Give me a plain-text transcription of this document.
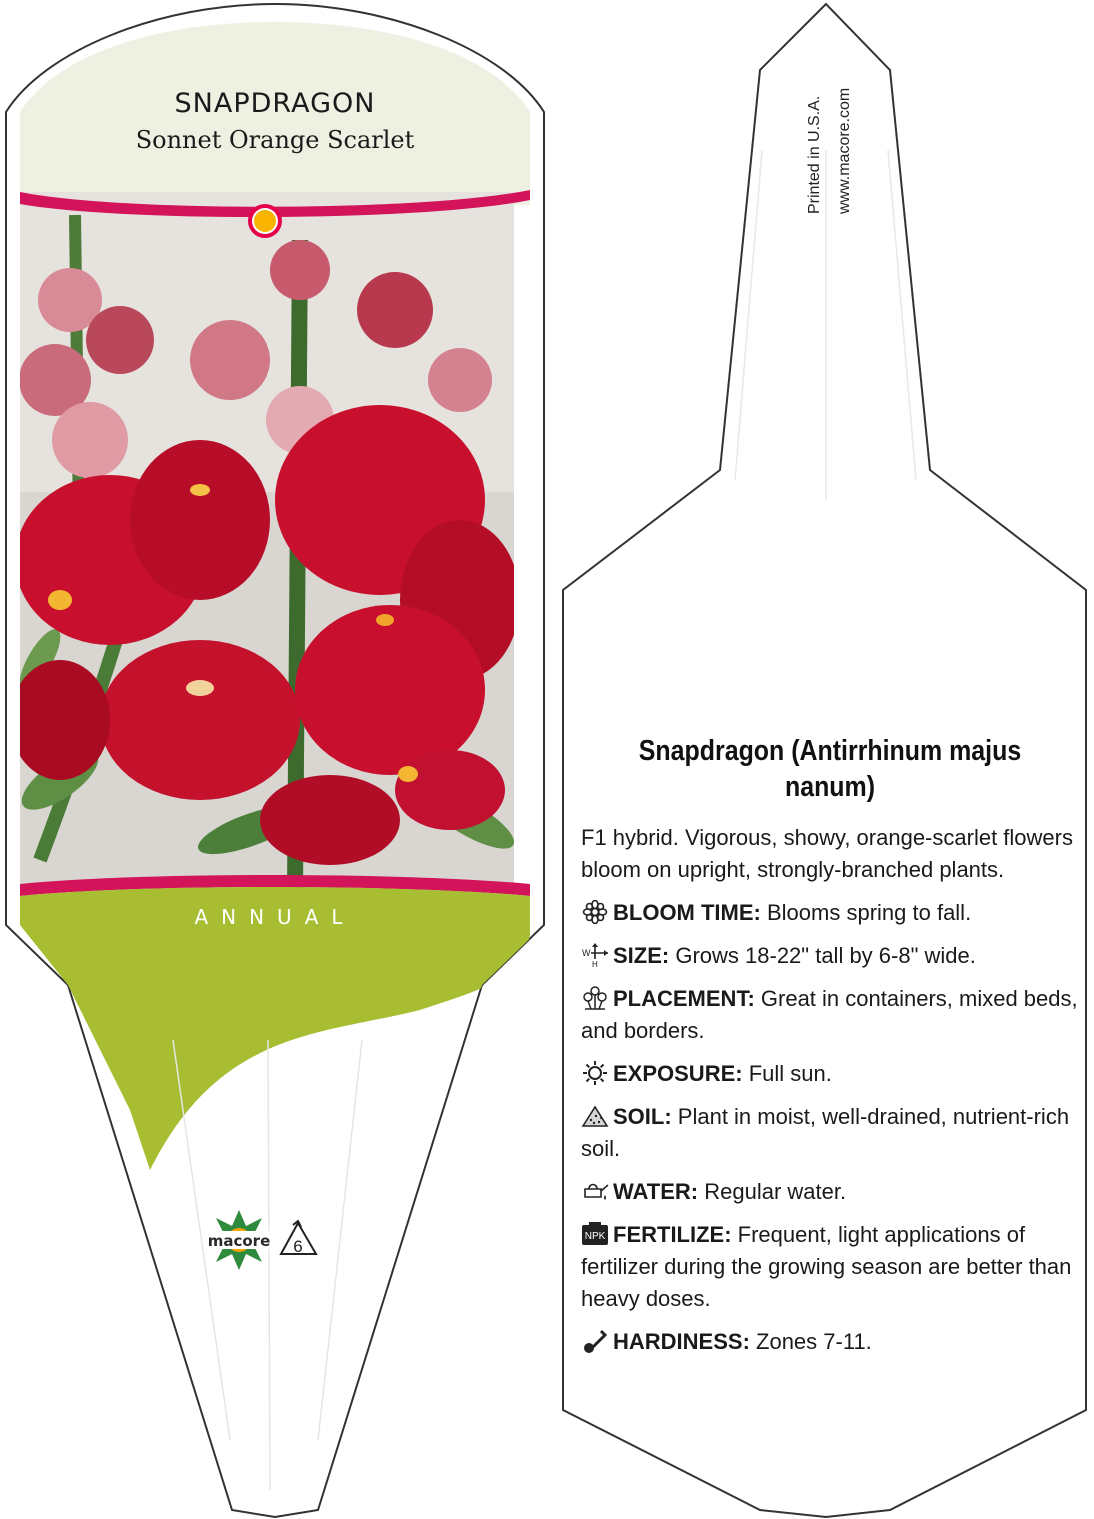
macore 6
SNAPDRAGON
Sonnet Orange Scarlet
ANNUAL
Printed in U.S.A. www.macore.com
Snapdragon (Antirrhinum majus nanum)

F1 hybrid. Vigorous, showy, orange-scarlet flowers bloom on upright, strongly-branched plants.

BLOOM TIME: Blooms spring to fall.

W
H SIZE: Grows 18-22" tall by 6-8" wide.

PLACEMENT: Great in containers, mixed beds, and borders.

EXPOSURE: Full sun.

SOIL: Plant in moist, well-drained, nutrient-rich soil.

WATER: Regular water.

NPK FERTILIZE: Frequent, light applications of fertilizer during the growing season are better than heavy doses.

HARDINESS: Zones 7-11.
